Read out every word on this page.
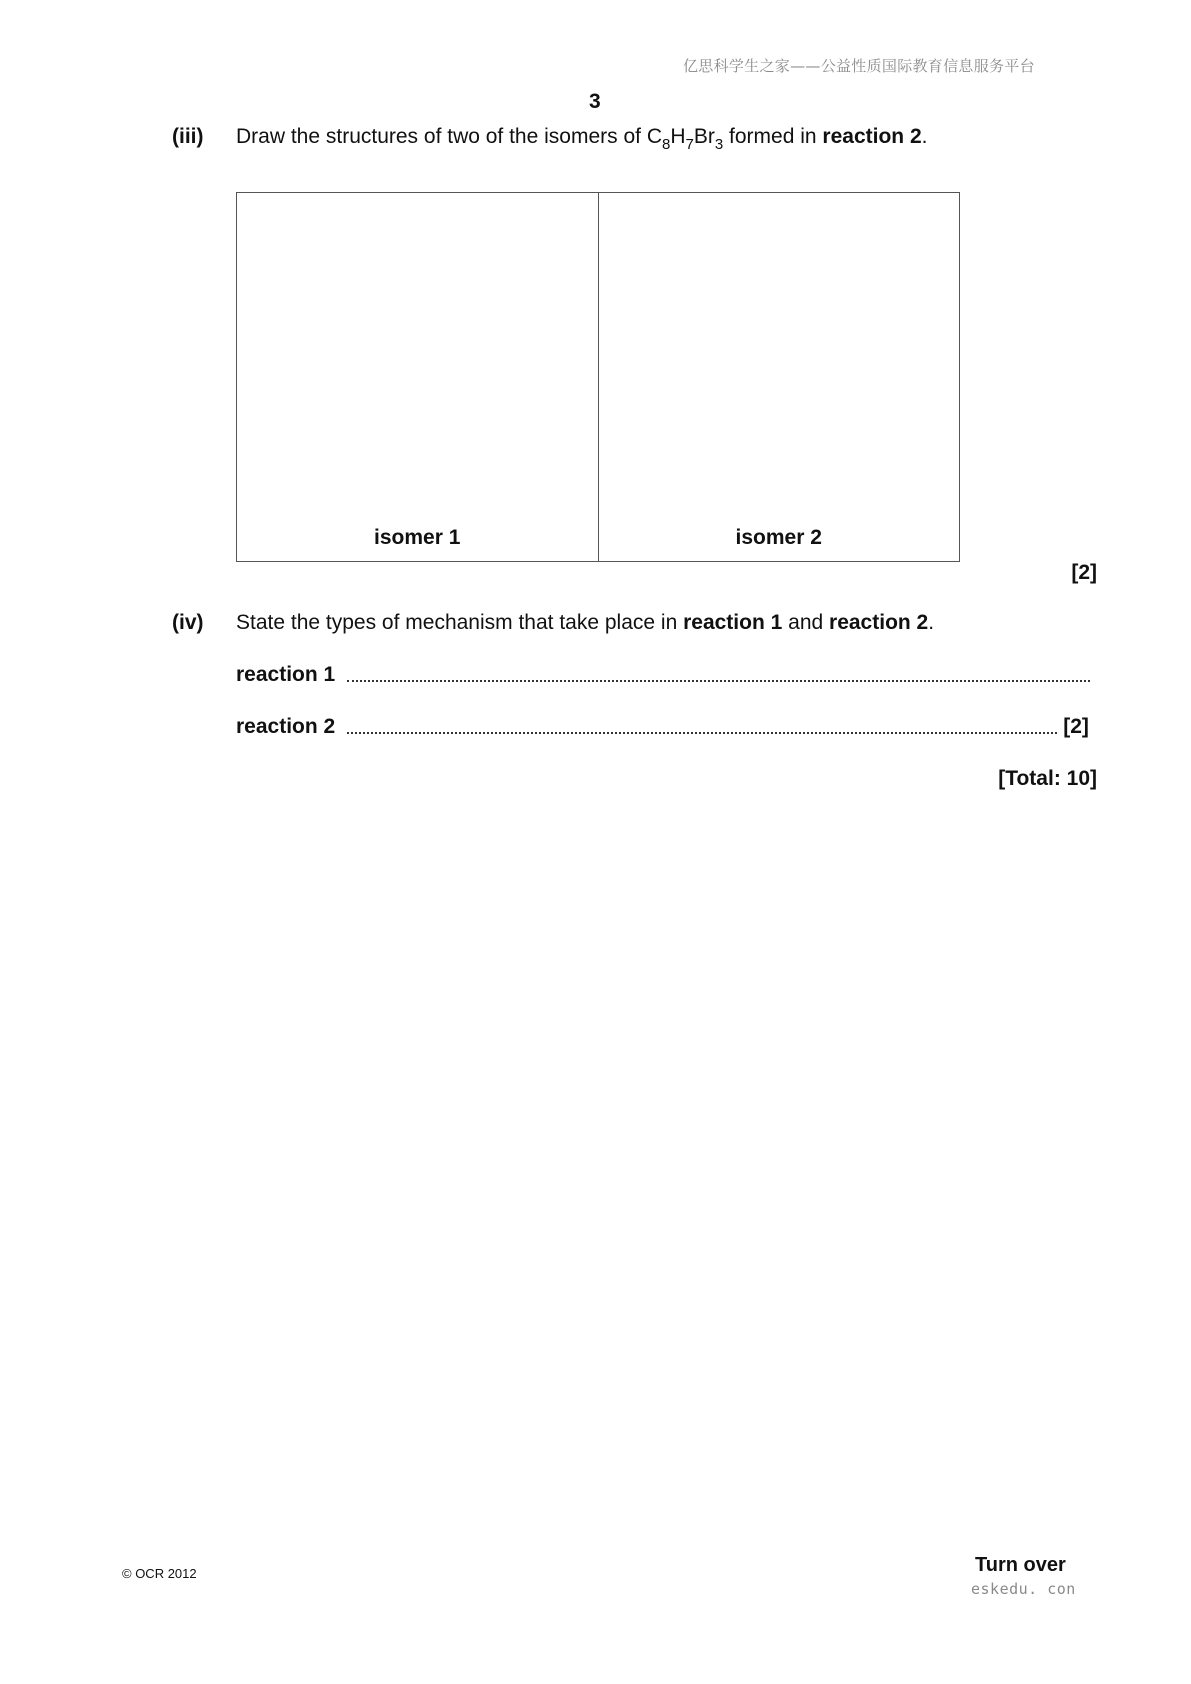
亿思科学生之家——公益性质国际教育信息服务平台
3
(iii) Draw the structures of two of the isomers of $C_8H_7Br_3$ formed in reaction 2.
isomer 1	isomer 2
[2]
(iv) State the types of mechanism that take place in reaction 1 and reaction 2.
reaction 1
reaction 2	[2]
[Total: 10]
© OCR 2012	Turn over
eskedu. con
